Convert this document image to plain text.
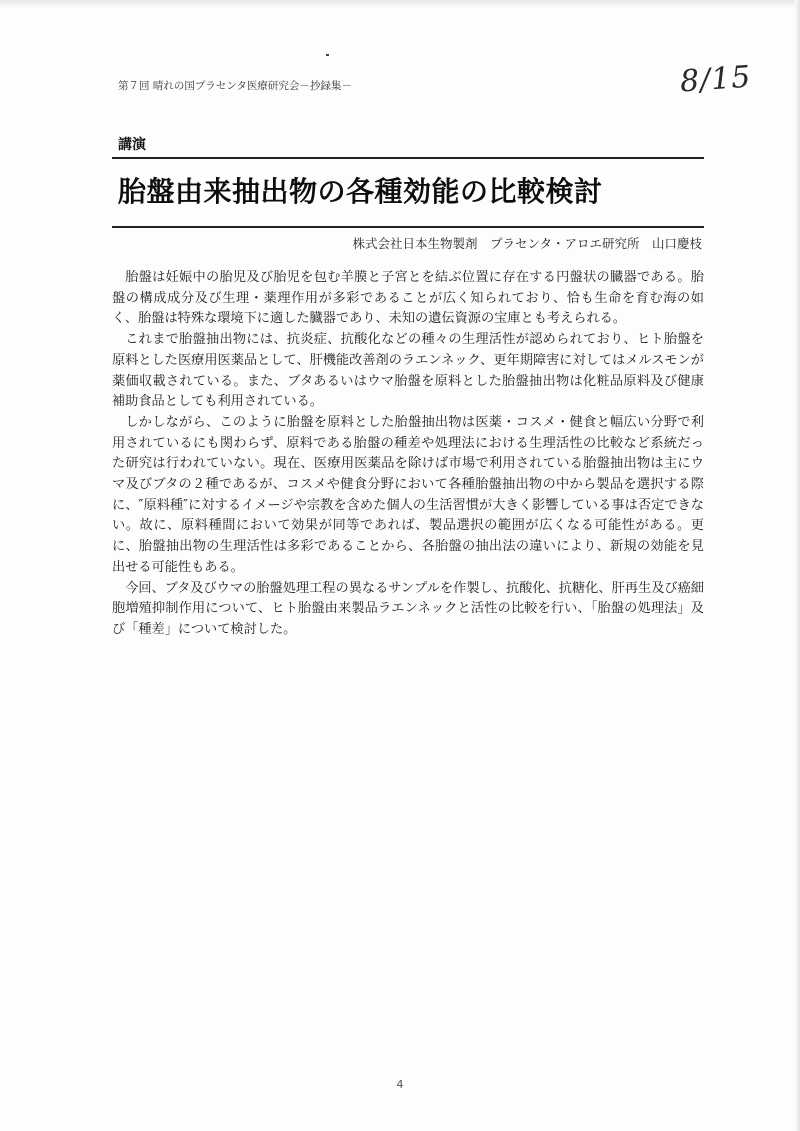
第７回 晴れの国プラセンタ医療研究会－抄録集－	8/15
講演
胎盤由来抽出物の各種効能の比較検討
株式会社日本生物製剤　プラセンタ・アロエ研究所　山口慶枝

胎盤は妊娠中の胎児及び胎児を包む羊膜と子宮とを結ぶ位置に存在する円盤状の臓器である。胎盤の構成成分及び生理・薬理作用が多彩であることが広く知られており、恰も生命を育む海の如く、胎盤は特殊な環境下に適した臓器であり、未知の遺伝資源の宝庫とも考えられる。

これまで胎盤抽出物には、抗炎症、抗酸化などの種々の生理活性が認められており、ヒト胎盤を原料とした医療用医薬品として、肝機能改善剤のラエンネック、更年期障害に対してはメルスモンが薬価収載されている。また、ブタあるいはウマ胎盤を原料とした胎盤抽出物は化粧品原料及び健康補助食品としても利用されている。

しかしながら、このように胎盤を原料とした胎盤抽出物は医薬・コスメ・健食と幅広い分野で利用されているにも関わらず、原料である胎盤の種差や処理法における生理活性の比較など系統だった研究は行われていない。現在、医療用医薬品を除けば市場で利用されている胎盤抽出物は主にウマ及びブタの２種であるが、コスメや健食分野において各種胎盤抽出物の中から製品を選択する際に、″原料種″に対するイメージや宗教を含めた個人の生活習慣が大きく影響している事は否定できない。故に、原料種間において効果が同等であれば、製品選択の範囲が広くなる可能性がある。更に、胎盤抽出物の生理活性は多彩であることから、各胎盤の抽出法の違いにより、新規の効能を見出せる可能性もある。

今回、ブタ及びウマの胎盤処理工程の異なるサンプルを作製し、抗酸化、抗糖化、肝再生及び癌細胞増殖抑制作用について、ヒト胎盤由来製品ラエンネックと活性の比較を行い、「胎盤の処理法」及び「種差」について検討した。

4
